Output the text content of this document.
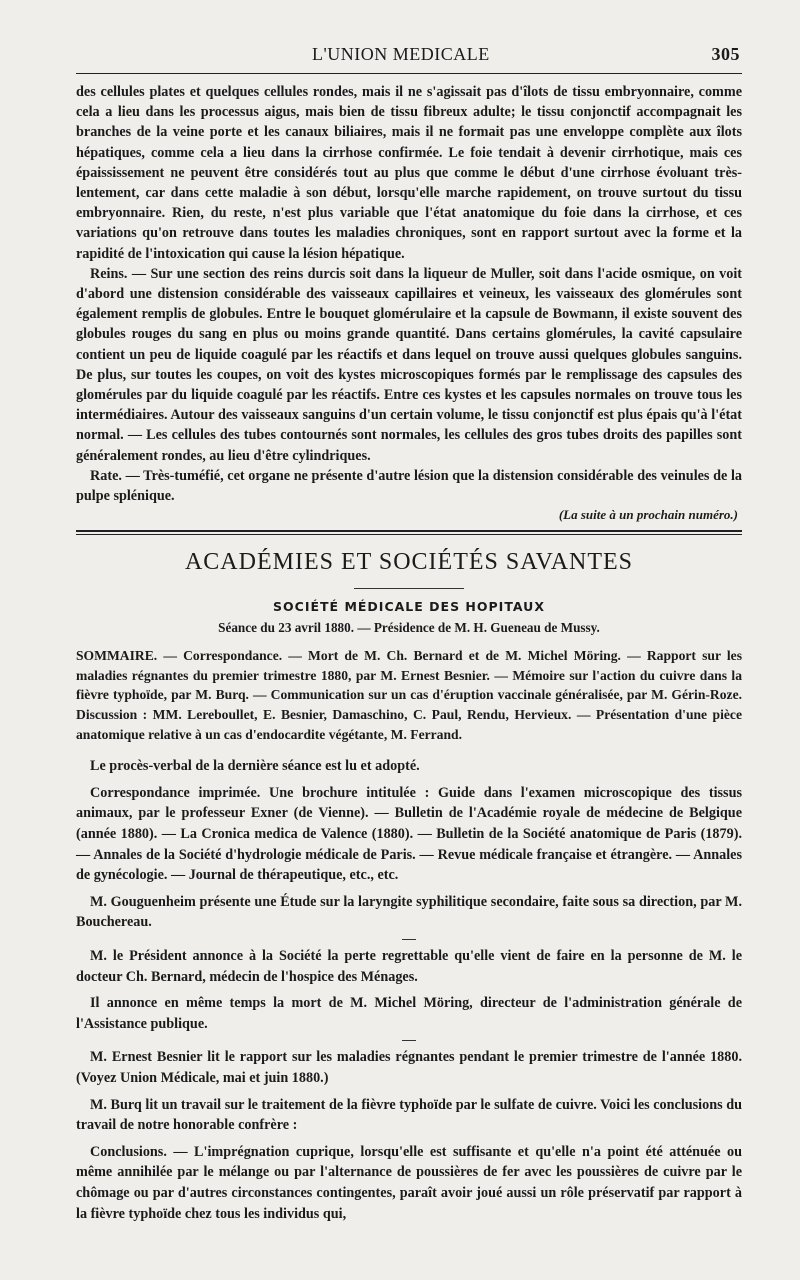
L'UNION MEDICALE	305

des cellules plates et quelques cellules rondes, mais il ne s'agissait pas d'îlots de tissu embryonnaire, comme cela a lieu dans les processus aigus, mais bien de tissu fibreux adulte; le tissu conjonctif accompagnait les branches de la veine porte et les canaux biliaires, mais il ne formait pas une enveloppe complète aux îlots hépatiques, comme cela a lieu dans la cirrhose confirmée. Le foie tendait à devenir cirrhotique, mais ces épaississement ne peuvent être considérés tout au plus que comme le début d'une cirrhose évoluant très-lentement, car dans cette maladie à son début, lorsqu'elle marche rapidement, on trouve surtout du tissu embryonnaire. Rien, du reste, n'est plus variable que l'état anatomique du foie dans la cirrhose, et ces variations qu'on retrouve dans toutes les maladies chroniques, sont en rapport surtout avec la forme et la rapidité de l'intoxication qui cause la lésion hépatique.

Reins. — Sur une section des reins durcis soit dans la liqueur de Muller, soit dans l'acide osmique, on voit d'abord une distension considérable des vaisseaux capillaires et veineux, les vaisseaux des glomérules sont également remplis de globules. Entre le bouquet glomérulaire et la capsule de Bowmann, il existe souvent des globules rouges du sang en plus ou moins grande quantité. Dans certains glomérules, la cavité capsulaire contient un peu de liquide coagulé par les réactifs et dans lequel on trouve aussi quelques globules sanguins. De plus, sur toutes les coupes, on voit des kystes microscopiques formés par le remplissage des capsules des glomérules par du liquide coagulé par les réactifs. Entre ces kystes et les capsules normales on trouve tous les intermédiaires. Autour des vaisseaux sanguins d'un certain volume, le tissu conjonctif est plus épais qu'à l'état normal. — Les cellules des tubes contournés sont normales, les cellules des gros tubes droits des papilles sont généralement rondes, au lieu d'être cylindriques.

Rate. — Très-tuméfié, cet organe ne présente d'autre lésion que la distension considérable des veinules de la pulpe splénique.

(La suite à un prochain numéro.)
ACADÉMIES ET SOCIÉTÉS SAVANTES
SOCIÉTÉ MÉDICALE DES HOPITAUX
Séance du 23 avril 1880. — Présidence de M. H. Gueneau de Mussy.

SOMMAIRE. — Correspondance. — Mort de M. Ch. Bernard et de M. Michel Möring. — Rapport sur les maladies régnantes du premier trimestre 1880, par M. Ernest Besnier. — Mémoire sur l'action du cuivre dans la fièvre typhoïde, par M. Burq. — Communication sur un cas d'éruption vaccinale généralisée, par M. Gérin-Roze. Discussion : MM. Lereboullet, E. Besnier, Damaschino, C. Paul, Rendu, Hervieux. — Présentation d'une pièce anatomique relative à un cas d'endocardite végétante, M. Ferrand.

Le procès-verbal de la dernière séance est lu et adopté.

Correspondance imprimée. Une brochure intitulée : Guide dans l'examen microscopique des tissus animaux, par le professeur Exner (de Vienne). — Bulletin de l'Académie royale de médecine de Belgique (année 1880). — La Cronica medica de Valence (1880). — Bulletin de la Société anatomique de Paris (1879). — Annales de la Société d'hydrologie médicale de Paris. — Revue médicale française et étrangère. — Annales de gynécologie. — Journal de thérapeutique, etc., etc.

M. Gouguenheim présente une Étude sur la laryngite syphilitique secondaire, faite sous sa direction, par M. Bouchereau.

M. le Président annonce à la Société la perte regrettable qu'elle vient de faire en la personne de M. le docteur Ch. Bernard, médecin de l'hospice des Ménages.

Il annonce en même temps la mort de M. Michel Möring, directeur de l'administration générale de l'Assistance publique.

M. Ernest Besnier lit le rapport sur les maladies régnantes pendant le premier trimestre de l'année 1880. (Voyez Union Médicale, mai et juin 1880.)

M. Burq lit un travail sur le traitement de la fièvre typhoïde par le sulfate de cuivre. Voici les conclusions du travail de notre honorable confrère :

Conclusions. — L'imprégnation cuprique, lorsqu'elle est suffisante et qu'elle n'a point été atténuée ou même annihilée par le mélange ou par l'alternance de poussières de fer avec les poussières de cuivre par le chômage ou par d'autres circonstances contingentes, paraît avoir joué aussi un rôle préservatif par rapport à la fièvre typhoïde chez tous les individus qui,
